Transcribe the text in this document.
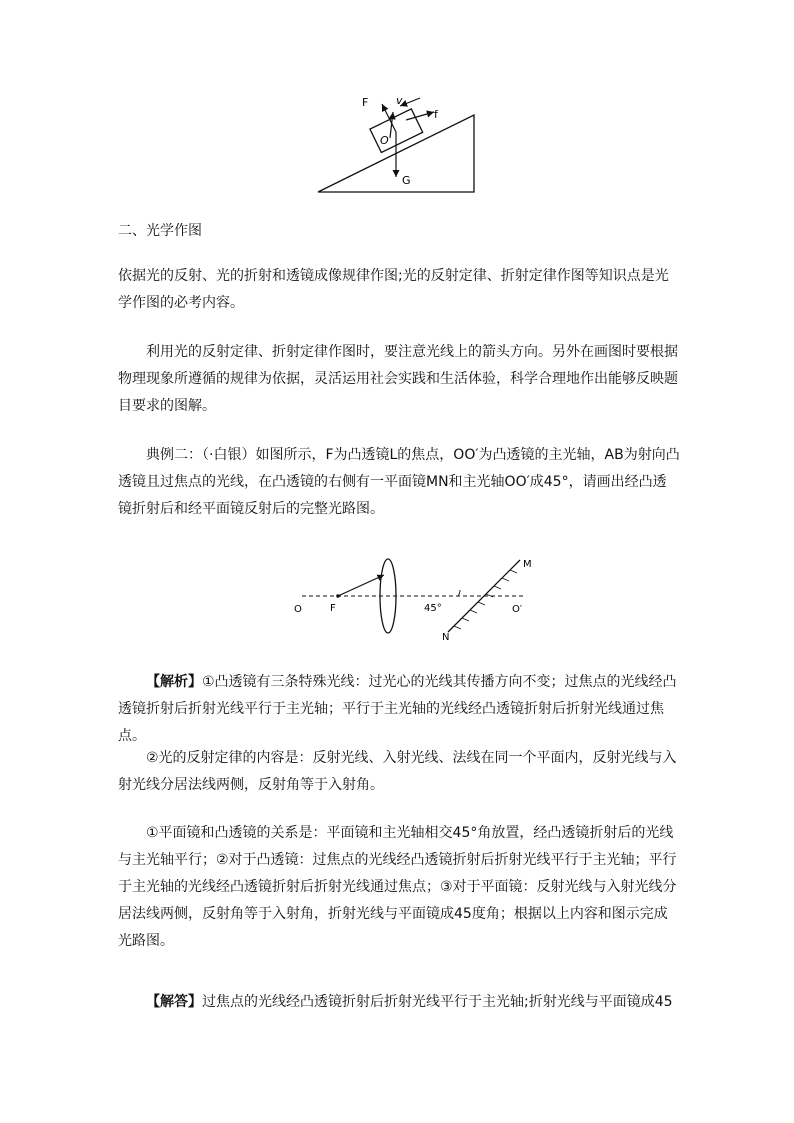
F	v
f
O
G

二、光学作图

依据光的反射、光的折射和透镜成像规律作图;光的反射定律、折射定律作图等知识点是光学作图的必考内容。

利用光的反射定律、折射定律作图时，要注意光线上的箭头方向。另外在画图时要根据物理现象所遵循的规律为依据，灵活运用社会实践和生活体验，科学合理地作出能够反映题目要求的图解。

典例二：（·白银）如图所示，F为凸透镜L的焦点，OO′为凸透镜的主光轴，AB为射向凸透镜且过焦点的光线，在凸透镜的右侧有一平面镜MN和主光轴OO′成45°，请画出经凸透镜折射后和经平面镜反射后的完整光路图。

O	F	45°	O′
M
N

【解析】①凸透镜有三条特殊光线：过光心的光线其传播方向不变；过焦点的光线经凸透镜折射后折射光线平行于主光轴；平行于主光轴的光线经凸透镜折射后折射光线通过焦点。

②光的反射定律的内容是：反射光线、入射光线、法线在同一个平面内，反射光线与入射光线分居法线两侧，反射角等于入射角。

①平面镜和凸透镜的关系是：平面镜和主光轴相交45°角放置，经凸透镜折射后的光线与主光轴平行；②对于凸透镜：过焦点的光线经凸透镜折射后折射光线平行于主光轴；平行于主光轴的光线经凸透镜折射后折射光线通过焦点；③对于平面镜：反射光线与入射光线分居法线两侧，反射角等于入射角，折射光线与平面镜成45度角；根据以上内容和图示完成光路图。

【解答】过焦点的光线经凸透镜折射后折射光线平行于主光轴;折射光线与平面镜成45
